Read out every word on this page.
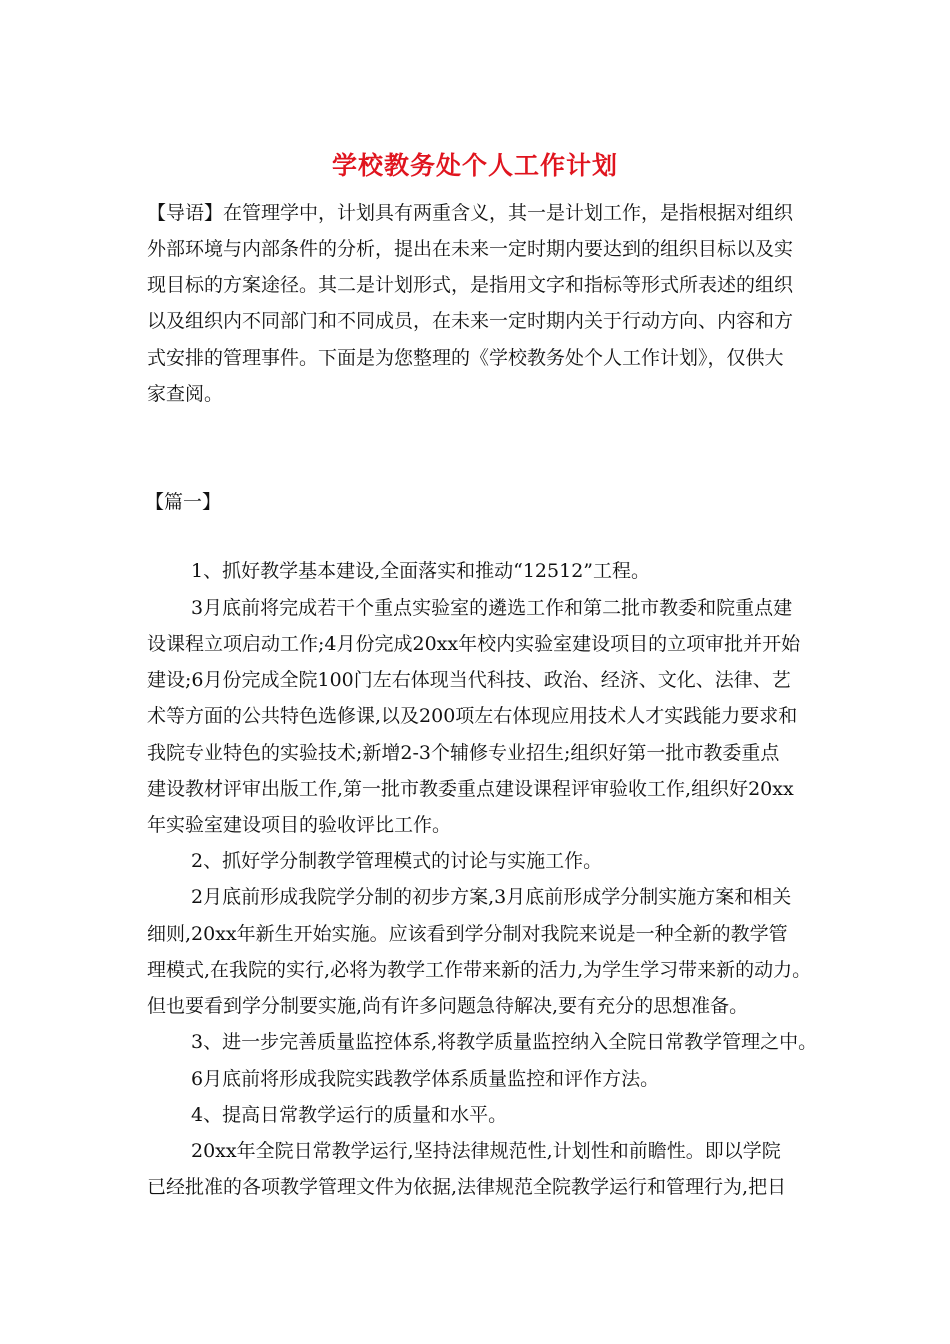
学校教务处个人工作计划
【导语】在管理学中，计划具有两重含义，其一是计划工作，是指根据对组织
外部环境与内部条件的分析，提出在未来一定时期内要达到的组织目标以及实
现目标的方案途径。其二是计划形式，是指用文字和指标等形式所表述的组织
以及组织内不同部门和不同成员，在未来一定时期内关于行动方向、内容和方
式安排的管理事件。下面是为您整理的《学校教务处个人工作计划》，仅供大
家查阅。
【篇一】
1、抓好教学基本建设,全面落实和推动“12512”工程。
3月底前将完成若干个重点实验室的遴选工作和第二批市教委和院重点建
设课程立项启动工作;4月份完成20xx年校内实验室建设项目的立项审批并开始
建设;6月份完成全院100门左右体现当代科技、政治、经济、文化、法律、艺
术等方面的公共特色选修课,以及200项左右体现应用技术人才实践能力要求和
我院专业特色的实验技术;新增2-3个辅修专业招生;组织好第一批市教委重点
建设教材评审出版工作,第一批市教委重点建设课程评审验收工作,组织好20xx
年实验室建设项目的验收评比工作。
2、抓好学分制教学管理模式的讨论与实施工作。
2月底前形成我院学分制的初步方案,3月底前形成学分制实施方案和相关
细则,20xx年新生开始实施。应该看到学分制对我院来说是一种全新的教学管
理模式,在我院的实行,必将为教学工作带来新的活力,为学生学习带来新的动力。
但也要看到学分制要实施,尚有许多问题急待解决,要有充分的思想准备。
3、进一步完善质量监控体系,将教学质量监控纳入全院日常教学管理之中。
6月底前将形成我院实践教学体系质量监控和评作方法。
4、提高日常教学运行的质量和水平。
20xx年全院日常教学运行,坚持法律规范性,计划性和前瞻性。即以学院
已经批准的各项教学管理文件为依据,法律规范全院教学运行和管理行为,把日
